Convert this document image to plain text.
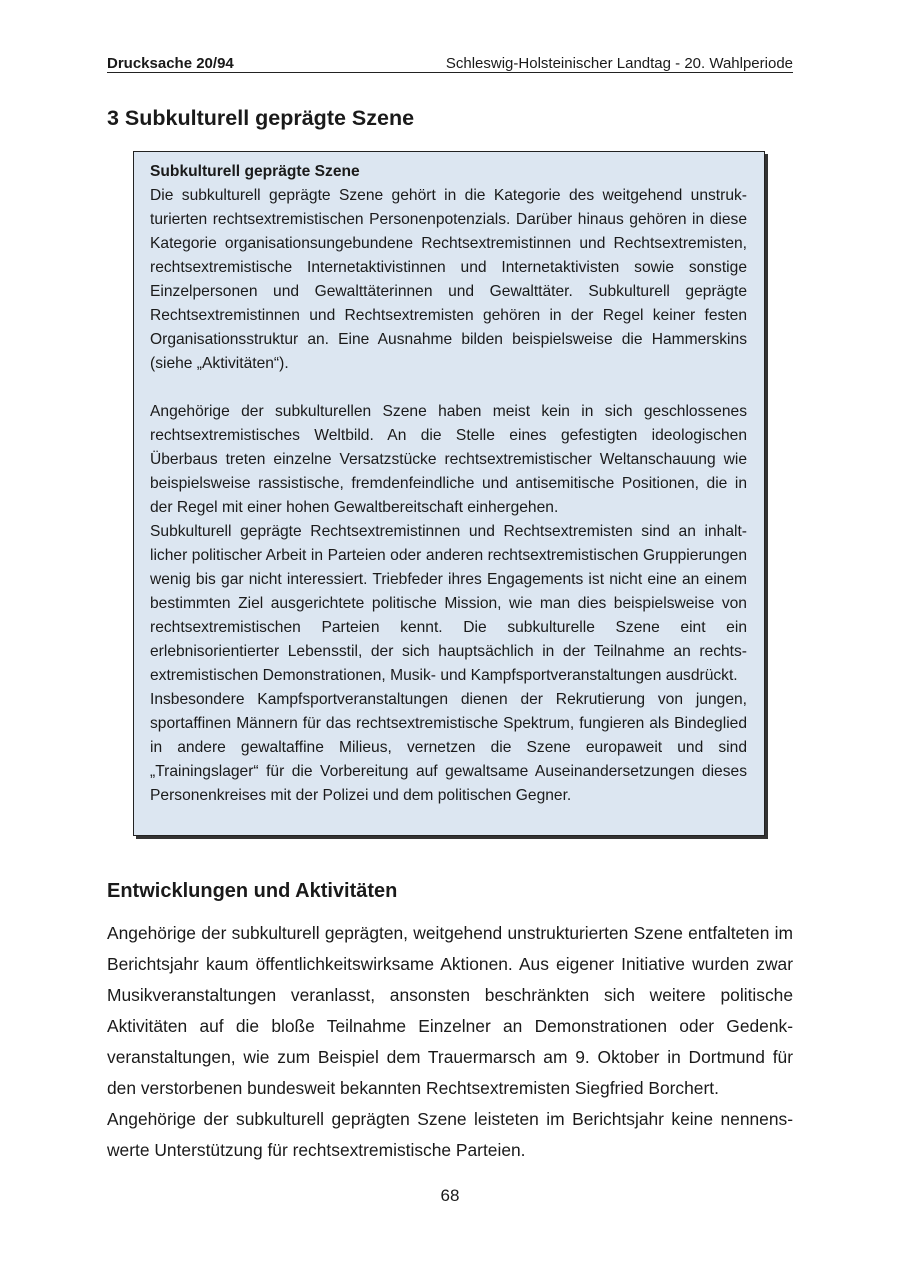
Drucksache 20/94	Schleswig-Holsteinischer Landtag - 20. Wahlperiode
3 Subkulturell geprägte Szene
Subkulturell geprägte Szene

Die subkulturell geprägte Szene gehört in die Kategorie des weitgehend unstrukturierten rechtsextremistischen Personenpotenzials. Darüber hinaus gehören in diese Kategorie organisationsungebundene Rechtsextremistinnen und Rechtsextremisten, rechtsextremistische Internetaktivistinnen und Internetaktivisten sowie sonstige Einzelpersonen und Gewalttäterinnen und Gewalttäter. Subkulturell geprägte Rechtsextremistinnen und Rechtsextremisten gehören in der Regel keiner festen Organisationsstruktur an. Eine Ausnahme bilden beispielsweise die Hammerskins (siehe „Aktivitäten“).

Angehörige der subkulturellen Szene haben meist kein in sich geschlossenes rechtsextremistisches Weltbild. An die Stelle eines gefestigten ideologischen Überbaus treten einzelne Versatzstücke rechtsextremistischer Weltanschauung wie beispielsweise rassistische, fremdenfeindliche und antisemitische Positionen, die in der Regel mit einer hohen Gewaltbereitschaft einhergehen.

Subkulturell geprägte Rechtsextremistinnen und Rechtsextremisten sind an inhaltlicher politischer Arbeit in Parteien oder anderen rechtsextremistischen Gruppierungen wenig bis gar nicht interessiert. Triebfeder ihres Engagements ist nicht eine an einem bestimmten Ziel ausgerichtete politische Mission, wie man dies beispielsweise von rechtsextremistischen Parteien kennt. Die subkulturelle Szene eint ein erlebnisorientierter Lebensstil, der sich hauptsächlich in der Teilnahme an rechtsextremistischen Demonstrationen, Musik- und Kampfsportveranstaltungen ausdrückt.

Insbesondere Kampfsportveranstaltungen dienen der Rekrutierung von jungen, sportaffinen Männern für das rechtsextremistische Spektrum, fungieren als Bindeglied in andere gewaltaffine Milieus, vernetzen die Szene europaweit und sind „Trainingslager“ für die Vorbereitung auf gewaltsame Auseinandersetzungen dieses Personenkreises mit der Polizei und dem politischen Gegner.

Entwicklungen und Aktivitäten

Angehörige der subkulturell geprägten, weitgehend unstrukturierten Szene entfalteten im Berichtsjahr kaum öffentlichkeitswirksame Aktionen. Aus eigener Initiative wurden zwar Musikveranstaltungen veranlasst, ansonsten beschränkten sich weitere politische Aktivitäten auf die bloße Teilnahme Einzelner an Demonstrationen oder Gedenkveranstaltungen, wie zum Beispiel dem Trauermarsch am 9. Oktober in Dortmund für den verstorbenen bundesweit bekannten Rechtsextremisten Siegfried Borchert.

Angehörige der subkulturell geprägten Szene leisteten im Berichtsjahr keine nennenswerte Unterstützung für rechtsextremistische Parteien.

68
